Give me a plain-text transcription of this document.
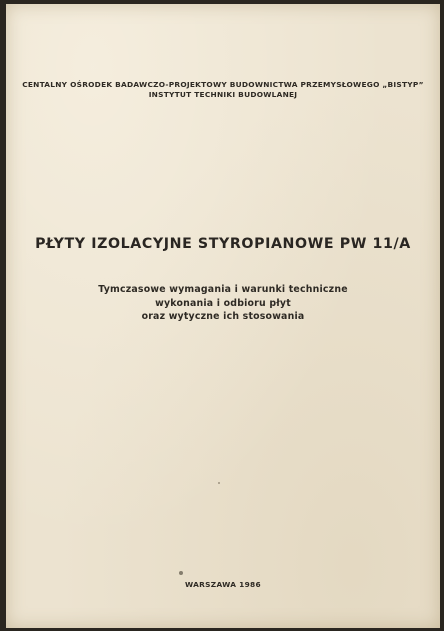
CENTALNY OŚRODEK BADAWCZO-PROJEKTOWY BUDOWNICTWA PRZEMYSŁOWEGO „BISTYP”
INSTYTUT TECHNIKI BUDOWLANEJ
PŁYTY IZOLACYJNE STYROPIANOWE PW 11/A
Tymczasowe wymagania i warunki techniczne
wykonania i odbioru płyt
oraz wytyczne ich stosowania
WARSZAWA 1986
